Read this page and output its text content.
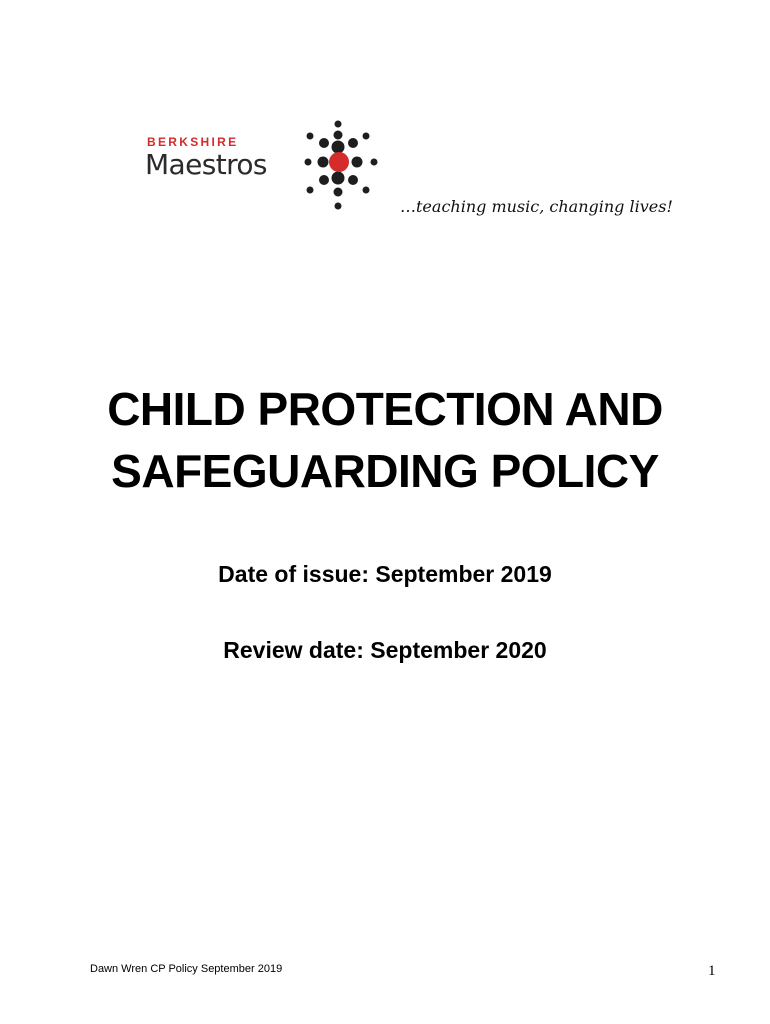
BERKSHIRE
Maestros
…teaching music, changing lives!
CHILD PROTECTION AND
SAFEGUARDING POLICY

Date of issue: September 2019

Review date: September 2020

Dawn Wren CP Policy September 2019	1
